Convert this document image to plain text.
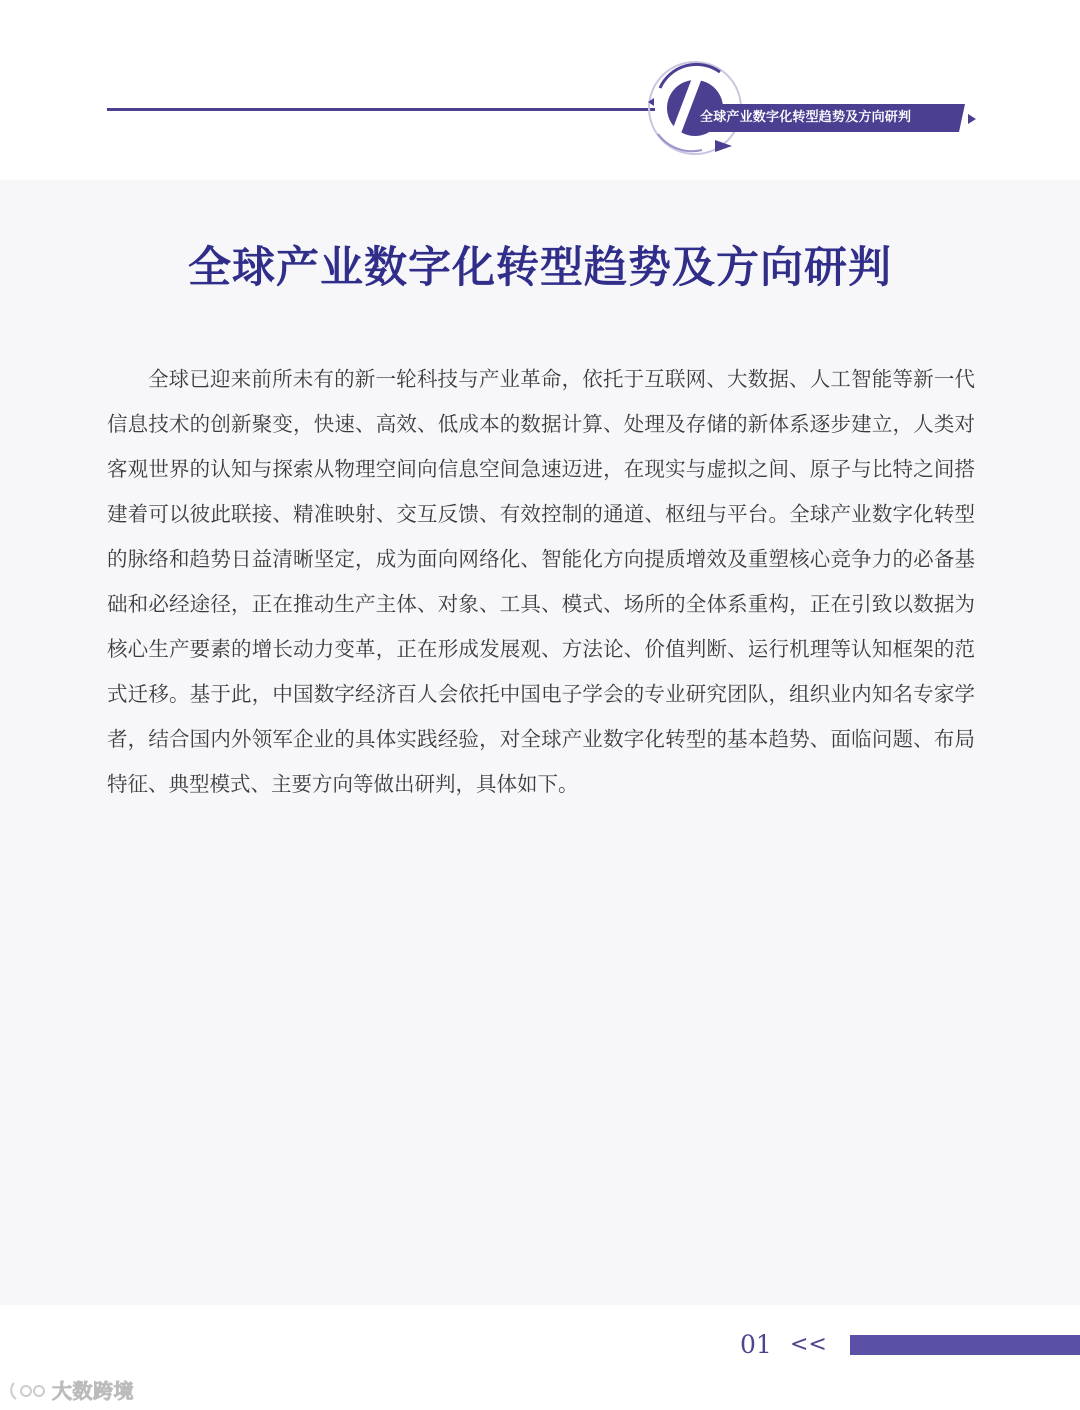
全球产业数字化转型趋势及方向研判
全球产业数字化转型趋势及方向研判

全球已迎来前所未有的新一轮科技与产业革命，依托于互联网、大数据、人工智能等新一代信息技术的创新聚变，快速、高效、低成本的数据计算、处理及存储的新体系逐步建立，人类对客观世界的认知与探索从物理空间向信息空间急速迈进，在现实与虚拟之间、原子与比特之间搭建着可以彼此联接、精准映射、交互反馈、有效控制的通道、枢纽与平台。全球产业数字化转型的脉络和趋势日益清晰坚定，成为面向网络化、智能化方向提质增效及重塑核心竞争力的必备基础和必经途径，正在推动生产主体、对象、工具、模式、场所的全体系重构，正在引致以数据为核心生产要素的增长动力变革，正在形成发展观、方法论、价值判断、运行机理等认知框架的范式迁移。基于此，中国数字经济百人会依托中国电子学会的专业研究团队，组织业内知名专家学者，结合国内外领军企业的具体实践经验，对全球产业数字化转型的基本趋势、面临问题、布局特征、典型模式、主要方向等做出研判，具体如下。

01 <<
大数跨境
